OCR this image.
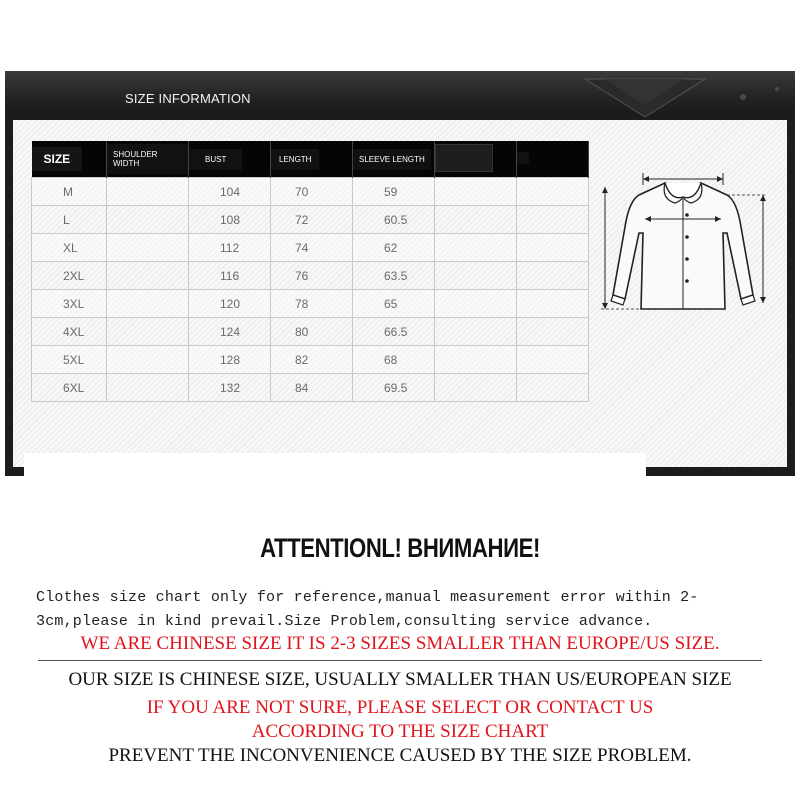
SIZE INFORMATION
SIZE	SHOULDER WIDTH	BUST	LENGTH	SLEEVE LENGTH		
M		104	70	59		
L		108	72	60.5		
XL		112	74	62		
2XL		116	76	63.5		
3XL		120	78	65		
4XL		124	80	66.5		
5XL		128	82	68		
6XL		132	84	69.5		
ATTENTIONL! ВНИМАНИЕ!
Clothes size chart only for reference,manual measurement error within 2-
3cm,please in kind prevail.Size Problem,consulting service advance.
WE ARE CHINESE SIZE IT IS 2-3 SIZES SMALLER THAN EUROPE/US SIZE.
OUR SIZE IS CHINESE SIZE, USUALLY SMALLER THAN US/EUROPEAN SIZE
IF YOU ARE NOT SURE, PLEASE SELECT OR CONTACT US
ACCORDING TO THE SIZE CHART
PREVENT THE INCONVENIENCE CAUSED BY THE SIZE PROBLEM.
